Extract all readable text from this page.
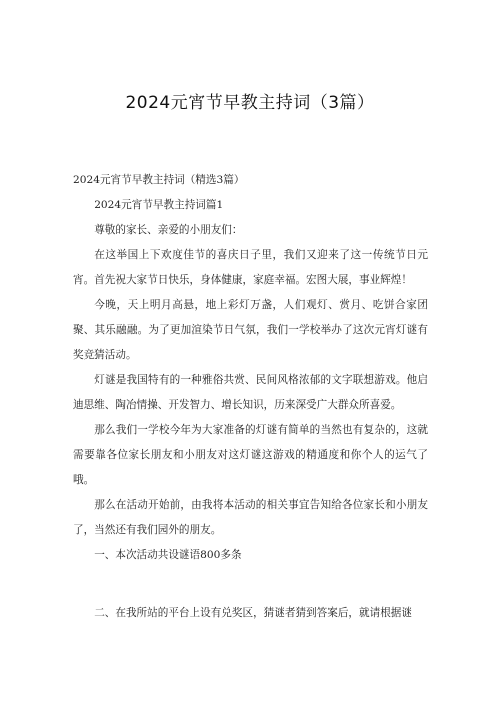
2024元宵节早教主持词（3篇）

2024元宵节早教主持词（精选3篇）

2024元宵节早教主持词篇1

尊敬的家长、亲爱的小朋友们：

在这举国上下欢度佳节的喜庆日子里，我们又迎来了这一传统节日元宵。首先祝大家节日快乐，身体健康，家庭幸福。宏图大展，事业辉煌！

今晚，天上明月高悬，地上彩灯万盏，人们观灯、赏月、吃饼合家团聚、其乐融融。为了更加渲染节日气氛，我们一学校举办了这次元宵灯谜有奖竞猜活动。

灯谜是我国特有的一种雅俗共赏、民间风格浓郁的文字联想游戏。他启迪思维、陶冶情操、开发智力、增长知识，历来深受广大群众所喜爱。

那么我们一学校今年为大家准备的灯谜有简单的当然也有复杂的，这就需要靠各位家长朋友和小朋友对这灯谜这游戏的精通度和你个人的运气了哦。

那么在活动开始前，由我将本活动的相关事宜告知给各位家长和小朋友了，当然还有我们园外的朋友。

一、本次活动共设谜语800多条

二、在我所站的平台上设有兑奖区，猜谜者猜到答案后，就请根据谜
